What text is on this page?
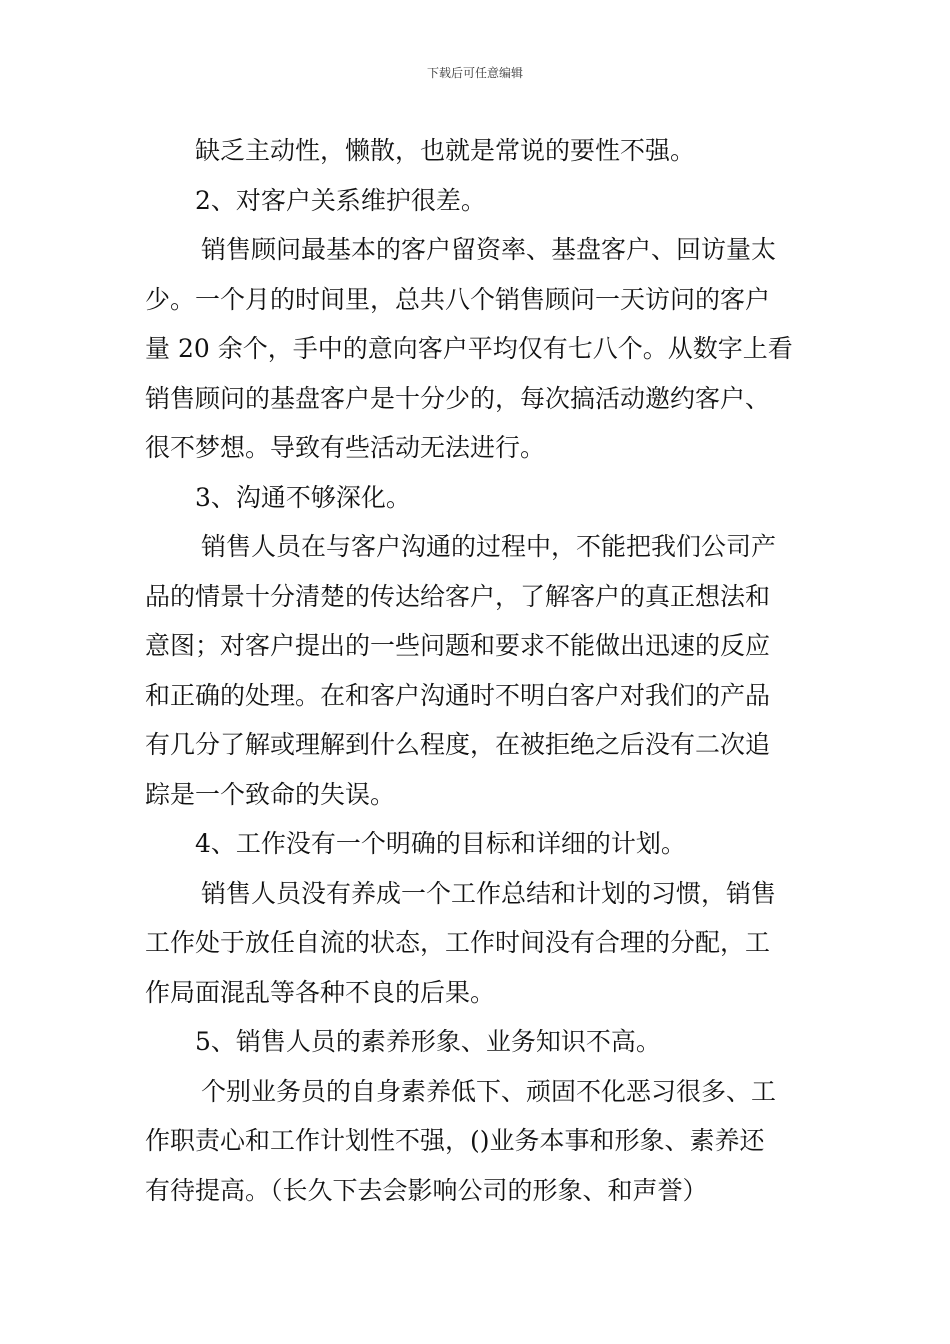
下载后可任意编辑
缺乏主动性，懒散，也就是常说的要性不强。
2、对客户关系维护很差。
销售顾问最基本的客户留资率、基盘客户、回访量太
少。一个月的时间里，总共八个销售顾问一天访问的客户
量 20 余个，手中的意向客户平均仅有七八个。从数字上看
销售顾问的基盘客户是十分少的，每次搞活动邀约客户、
很不梦想。导致有些活动无法进行。
3、沟通不够深化。
销售人员在与客户沟通的过程中，不能把我们公司产
品的情景十分清楚的传达给客户，了解客户的真正想法和
意图；对客户提出的一些问题和要求不能做出迅速的反应
和正确的处理。在和客户沟通时不明白客户对我们的产品
有几分了解或理解到什么程度，在被拒绝之后没有二次追
踪是一个致命的失误。
4、工作没有一个明确的目标和详细的计划。
销售人员没有养成一个工作总结和计划的习惯，销售
工作处于放任自流的状态，工作时间没有合理的分配，工
作局面混乱等各种不良的后果。
5、销售人员的素养形象、业务知识不高。
个别业务员的自身素养低下、顽固不化恶习很多、工
作职责心和工作计划性不强，()业务本事和形象、素养还
有待提高。（长久下去会影响公司的形象、和声誉）
